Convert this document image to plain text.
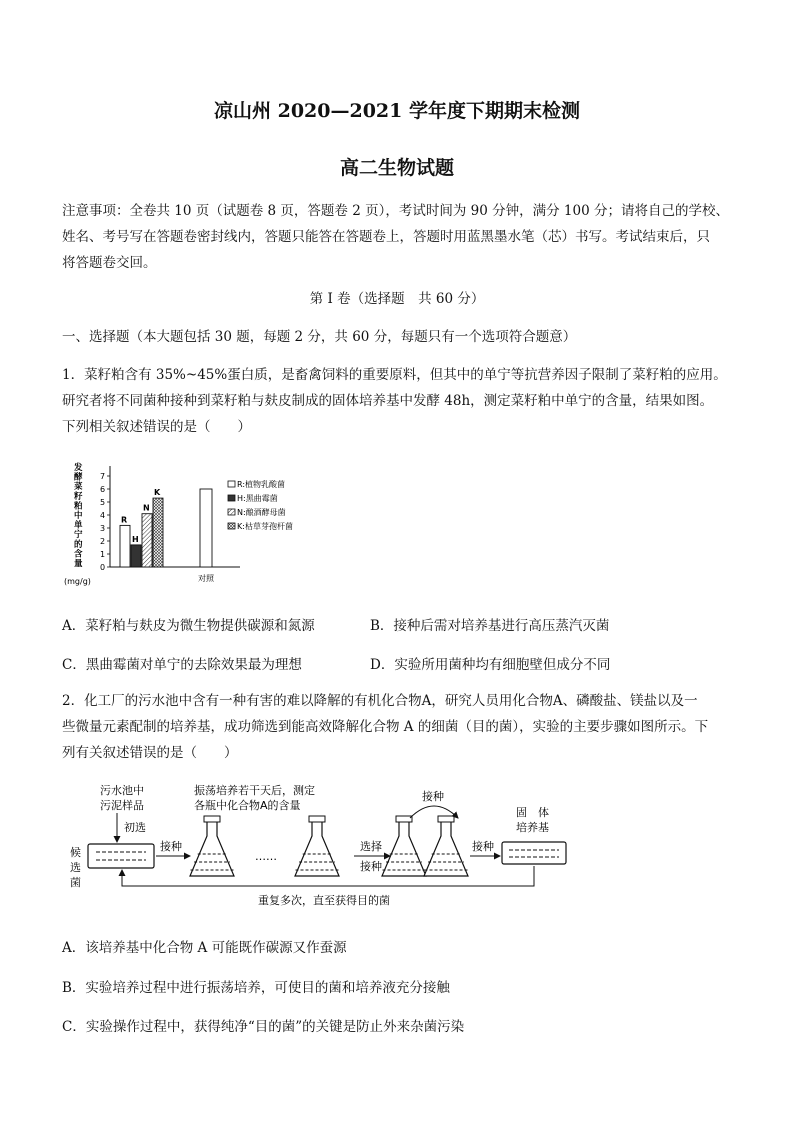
凉山州 2020—2021 学年度下期期末检测
高二生物试题
注意事项：全卷共 10 页（试题卷 8 页，答题卷 2 页），考试时间为 90 分钟，满分 100 分；请将自己的学校、
姓名、考号写在答题卷密封线内，答题只能答在答题卷上，答题时用蓝黑墨水笔（芯）书写。考试结束后，只
将答题卷交回。
第 I 卷（选择题　共 60 分）
一、选择题（本大题包括 30 题，每题 2 分，共 60 分，每题只有一个选项符合题意）
1．菜籽粕含有 35%~45%蛋白质，是畜禽饲料的重要原料，但其中的单宁等抗营养因子限制了菜籽粕的应用。
研究者将不同菌种接种到菜籽粕与麸皮制成的固体培养基中发酵 48h，测定菜籽粕中单宁的含量，结果如图。
下列相关叙述错误的是（　　）
发
酵
菜
籽
粕
中
单
宁
的
含
量
(mg/g)
0
1
2
3
4
5
6
7
R
H
N
K
对照
R:植物乳酸菌
H:黑曲霉菌
N:酿酒酵母菌
K:枯草芽孢杆菌
A．菜籽粕与麸皮为微生物提供碳源和氮源	B．接种后需对培养基进行高压蒸汽灭菌
C．黑曲霉菌对单宁的去除效果最为理想	D．实验所用菌种均有细胞壁但成分不同
2．化工厂的污水池中含有一种有害的难以降解的有机化合物A，研究人员用化合物A、磷酸盐、镁盐以及一
些微量元素配制的培养基，成功筛选到能高效降解化合物 A 的细菌（目的菌），实验的主要步骤如图所示。下
列有关叙述错误的是（　　）
污水池中
污泥样品
初选
候
选
菌
接种
振荡培养若干天后，测定
各瓶中化合物A的含量
……
选择
接种
接种
接种
固　体
培养基
重复多次，直至获得目的菌
A．该培养基中化合物 A 可能既作碳源又作蚕源
B．实验培养过程中进行振荡培养，可使目的菌和培养液充分接触
C．实验操作过程中，获得纯净“目的菌”的关键是防止外来杂菌污染
